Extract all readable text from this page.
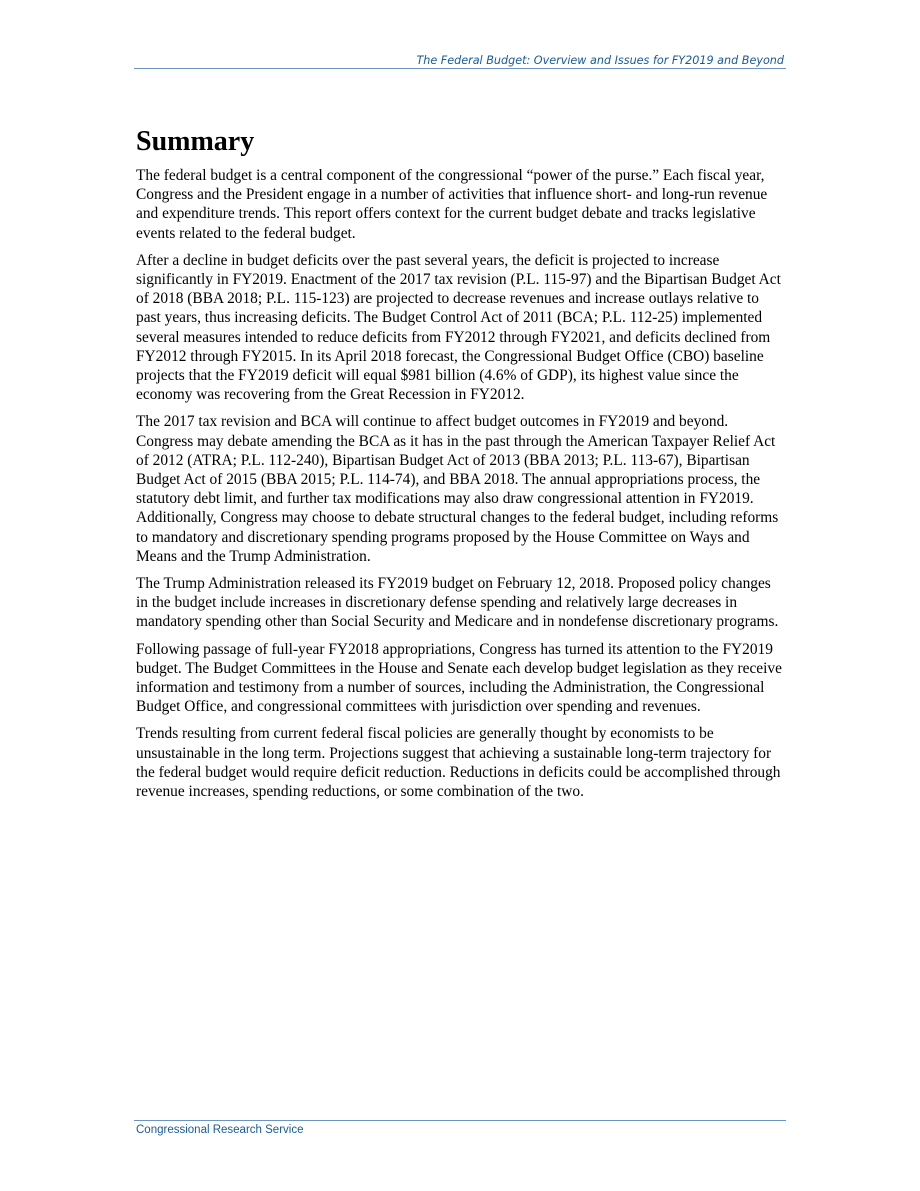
The Federal Budget: Overview and Issues for FY2019 and Beyond
Summary

The federal budget is a central component of the congressional “power of the purse.” Each fiscal year, Congress and the President engage in a number of activities that influence short- and long-run revenue and expenditure trends. This report offers context for the current budget debate and tracks legislative events related to the federal budget.

After a decline in budget deficits over the past several years, the deficit is projected to increase significantly in FY2019. Enactment of the 2017 tax revision (P.L. 115-97) and the Bipartisan Budget Act of 2018 (BBA 2018; P.L. 115-123) are projected to decrease revenues and increase outlays relative to past years, thus increasing deficits. The Budget Control Act of 2011 (BCA; P.L. 112-25) implemented several measures intended to reduce deficits from FY2012 through FY2021, and deficits declined from FY2012 through FY2015. In its April 2018 forecast, the Congressional Budget Office (CBO) baseline projects that the FY2019 deficit will equal $981 billion (4.6% of GDP), its highest value since the economy was recovering from the Great Recession in FY2012.

The 2017 tax revision and BCA will continue to affect budget outcomes in FY2019 and beyond. Congress may debate amending the BCA as it has in the past through the American Taxpayer Relief Act of 2012 (ATRA; P.L. 112-240), Bipartisan Budget Act of 2013 (BBA 2013; P.L. 113-67), Bipartisan Budget Act of 2015 (BBA 2015; P.L. 114-74), and BBA 2018. The annual appropriations process, the statutory debt limit, and further tax modifications may also draw congressional attention in FY2019. Additionally, Congress may choose to debate structural changes to the federal budget, including reforms to mandatory and discretionary spending programs proposed by the House Committee on Ways and Means and the Trump Administration.

The Trump Administration released its FY2019 budget on February 12, 2018. Proposed policy changes in the budget include increases in discretionary defense spending and relatively large decreases in mandatory spending other than Social Security and Medicare and in nondefense discretionary programs.

Following passage of full-year FY2018 appropriations, Congress has turned its attention to the FY2019 budget. The Budget Committees in the House and Senate each develop budget legislation as they receive information and testimony from a number of sources, including the Administration, the Congressional Budget Office, and congressional committees with jurisdiction over spending and revenues.

Trends resulting from current federal fiscal policies are generally thought by economists to be unsustainable in the long term. Projections suggest that achieving a sustainable long-term trajectory for the federal budget would require deficit reduction. Reductions in deficits could be accomplished through revenue increases, spending reductions, or some combination of the two.

Congressional Research Service
